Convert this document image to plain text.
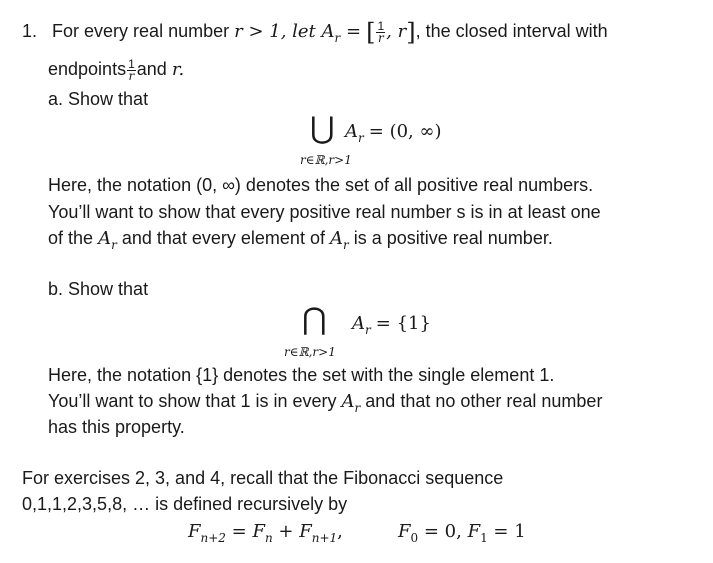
1. For every real number r > 1, let $A_r$ = [ $\frac{1}{r}$ , r], the closed interval with
endpoints $\frac{1}{r}$ and r.
a. Show that
⋃ $A_r = (0$, ∞)
r∈ℝ,r>1
Here, the notation (0, ∞) denotes the set of all positive real numbers.
You’ll want to show that every positive real number s is in at least one
of the $A_r$ and that every element of $A_r$ is a positive real number.
b. Show that
⋂ $A_r = \{1\}$
r∈ℝ,r>1
Here, the notation {1} denotes the set with the single element 1.
You’ll want to show that 1 is in every $A_r$ and that no other real number
has this property.
For exercises 2, 3, and 4, recall that the Fibonacci sequence
0,1,1,2,3,5,8, … is defined recursively by
$F_{n+2} = F_n + F_{n+1}$,	$F_0 = 0$, $F_1 = 1$
